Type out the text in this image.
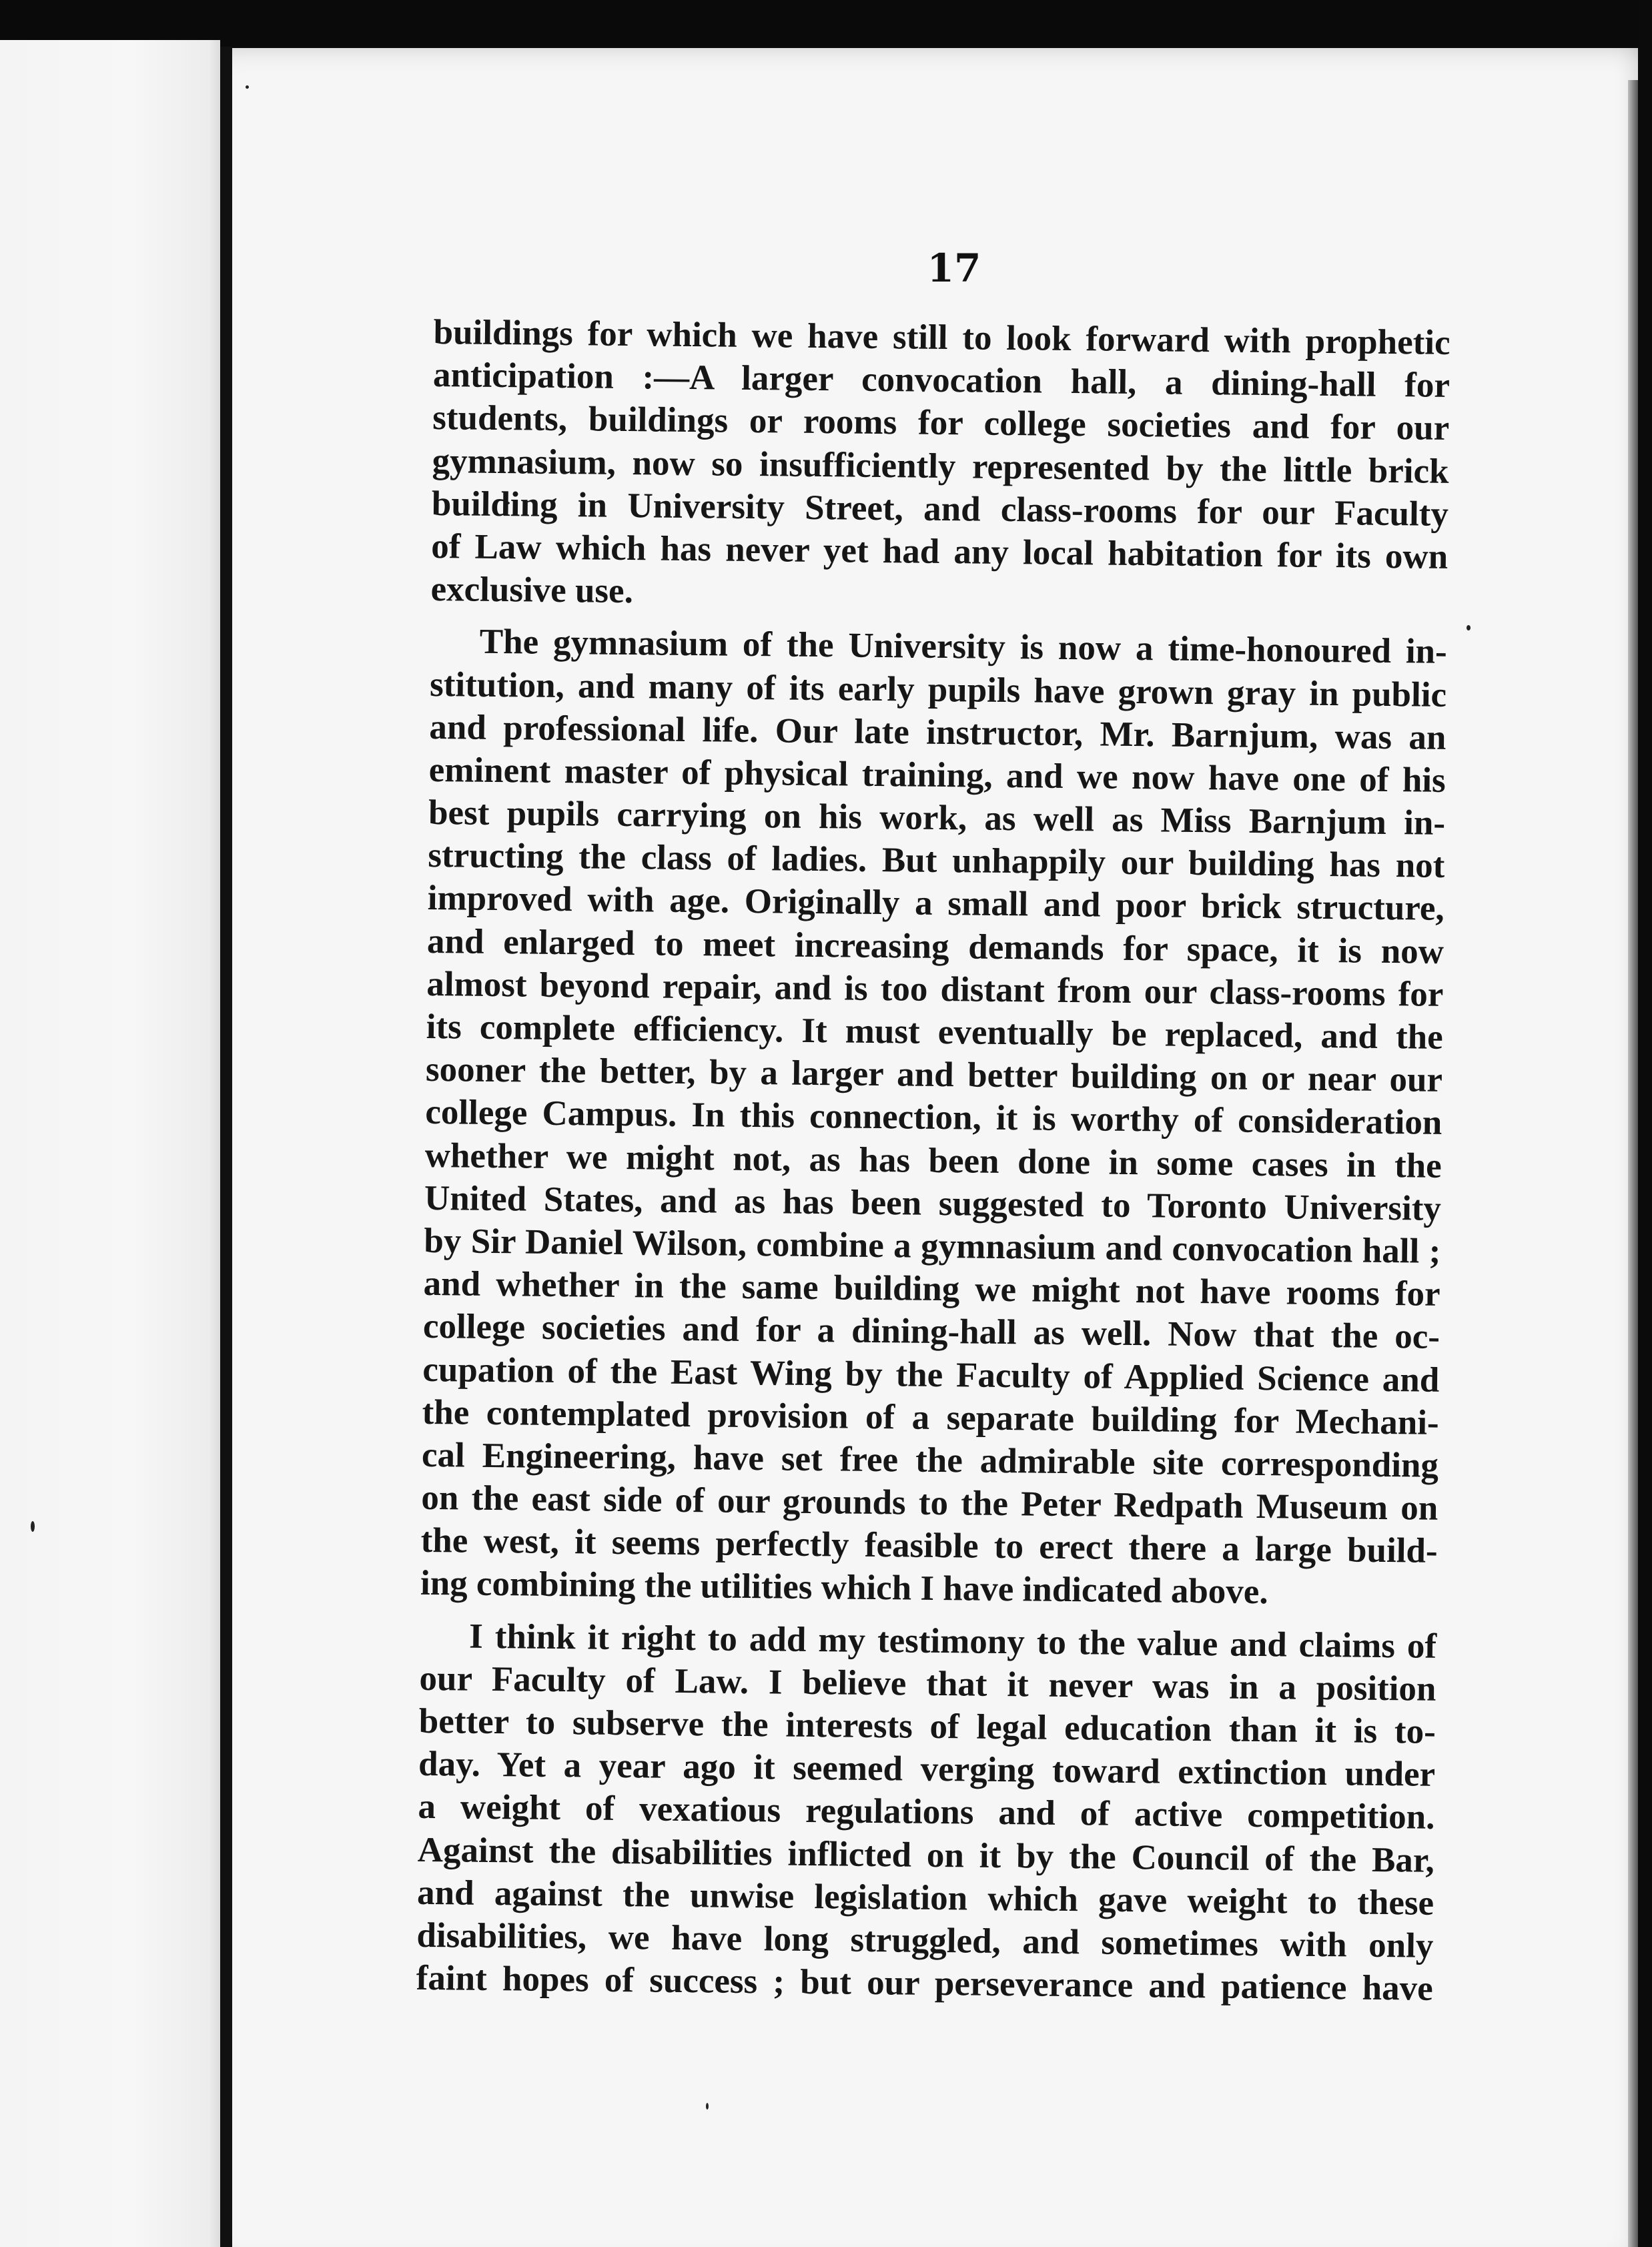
17

buildings for which we have still to look forward with prophetic
anticipation :—A larger convocation hall, a dining-hall for
students, buildings or rooms for college societies and for our
gymnasium, now so insufficiently represented by the little brick
building in University Street, and class-rooms for our Faculty
of Law which has never yet had any local habitation for its own
exclusive use.
The gymnasium of the University is now a time-honoured in-
stitution, and many of its early pupils have grown gray in public
and professional life. Our late instructor, Mr. Barnjum, was an
eminent master of physical training, and we now have one of his
best pupils carrying on his work, as well as Miss Barnjum in-
structing the class of ladies. But unhappily our building has not
improved with age. Originally a small and poor brick structure,
and enlarged to meet increasing demands for space, it is now
almost beyond repair, and is too distant from our class-rooms for
its complete efficiency. It must eventually be replaced, and the
sooner the better, by a larger and better building on or near our
college Campus. In this connection, it is worthy of consideration
whether we might not, as has been done in some cases in the
United States, and as has been suggested to Toronto University
by Sir Daniel Wilson, combine a gymnasium and convocation hall ;
and whether in the same building we might not have rooms for
college societies and for a dining-hall as well. Now that the oc-
cupation of the East Wing by the Faculty of Applied Science and
the contemplated provision of a separate building for Mechani-
cal Engineering, have set free the admirable site corresponding
on the east side of our grounds to the Peter Redpath Museum on
the west, it seems perfectly feasible to erect there a large build-
ing combining the utilities which I have indicated above.
I think it right to add my testimony to the value and claims of
our Faculty of Law. I believe that it never was in a position
better to subserve the interests of legal education than it is to-
day. Yet a year ago it seemed verging toward extinction under
a weight of vexatious regulations and of active competition.
Against the disabilities inflicted on it by the Council of the Bar,
and against the unwise legislation which gave weight to these
disabilities, we have long struggled, and sometimes with only
faint hopes of success ; but our perseverance and patience have
